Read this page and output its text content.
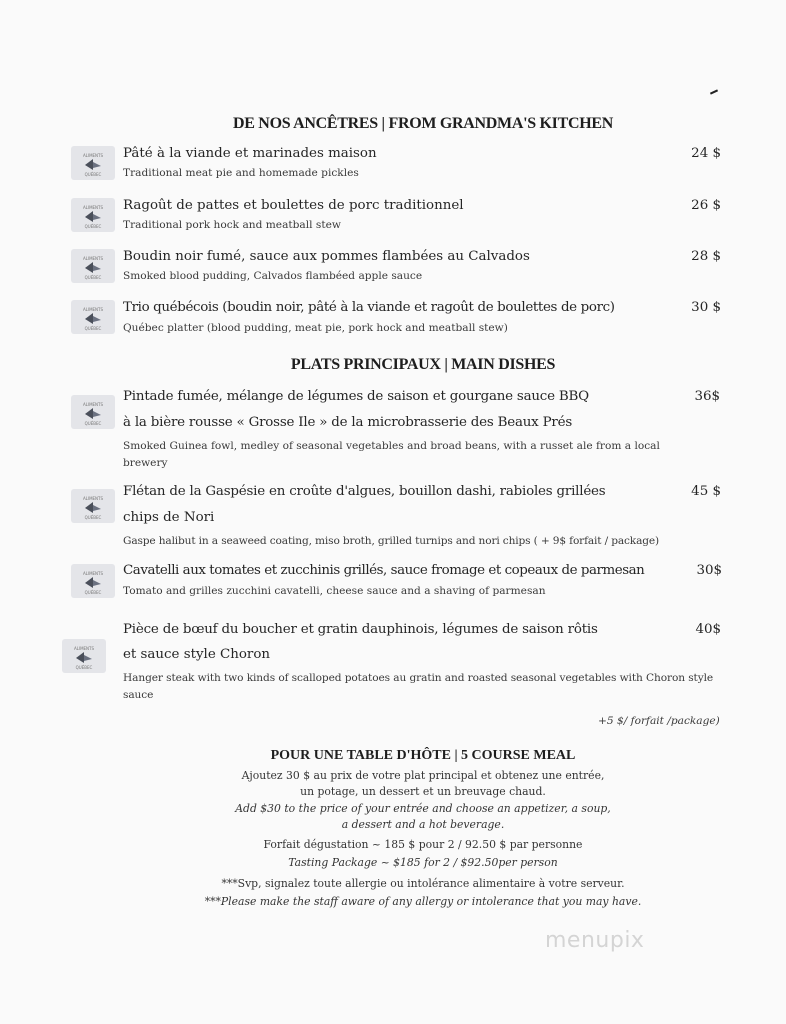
DE NOS ANCÊTRES | FROM GRANDMA'S KITCHEN
ALIMENTS
QUÉBEC
Pâté à la viande et marinades maison
Traditional meat pie and homemade pickles
24 $
ALIMENTS
QUÉBEC
Ragoût de pattes et boulettes de porc traditionnel
Traditional pork hock and meatball stew
26 $
ALIMENTS
QUÉBEC
Boudin noir fumé, sauce aux pommes flambées au Calvados
Smoked blood pudding, Calvados flambéed apple sauce
28 $
ALIMENTS
QUÉBEC
Trio québécois (boudin noir, pâté à la viande et ragoût de boulettes de porc)
Québec platter (blood pudding, meat pie, pork hock and meatball stew)
30 $
PLATS PRINCIPAUX | MAIN DISHES
ALIMENTS
QUÉBEC
Pintade fumée, mélange de légumes de saison et gourgane sauce BBQ
à la bière rousse « Grosse Ile » de la microbrasserie des Beaux Prés
Smoked Guinea fowl, medley of seasonal vegetables and broad beans, with a russet ale from a local brewery
36$
ALIMENTS
QUÉBEC
Flétan de la Gaspésie en croûte d'algues, bouillon dashi, rabioles grillées
chips de Nori
Gaspe halibut in a seaweed coating, miso broth, grilled turnips and nori chips ( + 9$ forfait / package)
45 $
ALIMENTS
QUÉBEC
Cavatelli aux tomates et zucchinis grillés, sauce fromage et copeaux de parmesan
Tomato and grilles zucchini cavatelli, cheese sauce and a shaving of parmesan
30$
ALIMENTS
QUÉBEC
Pièce de bœuf du boucher et gratin dauphinois, légumes de saison rôtis
et sauce style Choron
Hanger steak with two kinds of scalloped potatoes au gratin and roasted seasonal vegetables with Choron style sauce
40$
+5 $/ forfait /package)
POUR UNE TABLE D'HÔTE | 5 COURSE MEAL
Ajoutez 30 $ au prix de votre plat principal et obtenez une entrée,
un potage, un dessert et un breuvage chaud.
Add $30 to the price of your entrée and choose an appetizer, a soup,
a dessert and a hot beverage.
Forfait dégustation ~ 185 $ pour 2 / 92.50 $ par personne
Tasting Package ~ $185 for 2 / $92.50per person
***Svp, signalez toute allergie ou intolérance alimentaire à votre serveur.
***Please make the staff aware of any allergy or intolerance that you may have.
menupix
